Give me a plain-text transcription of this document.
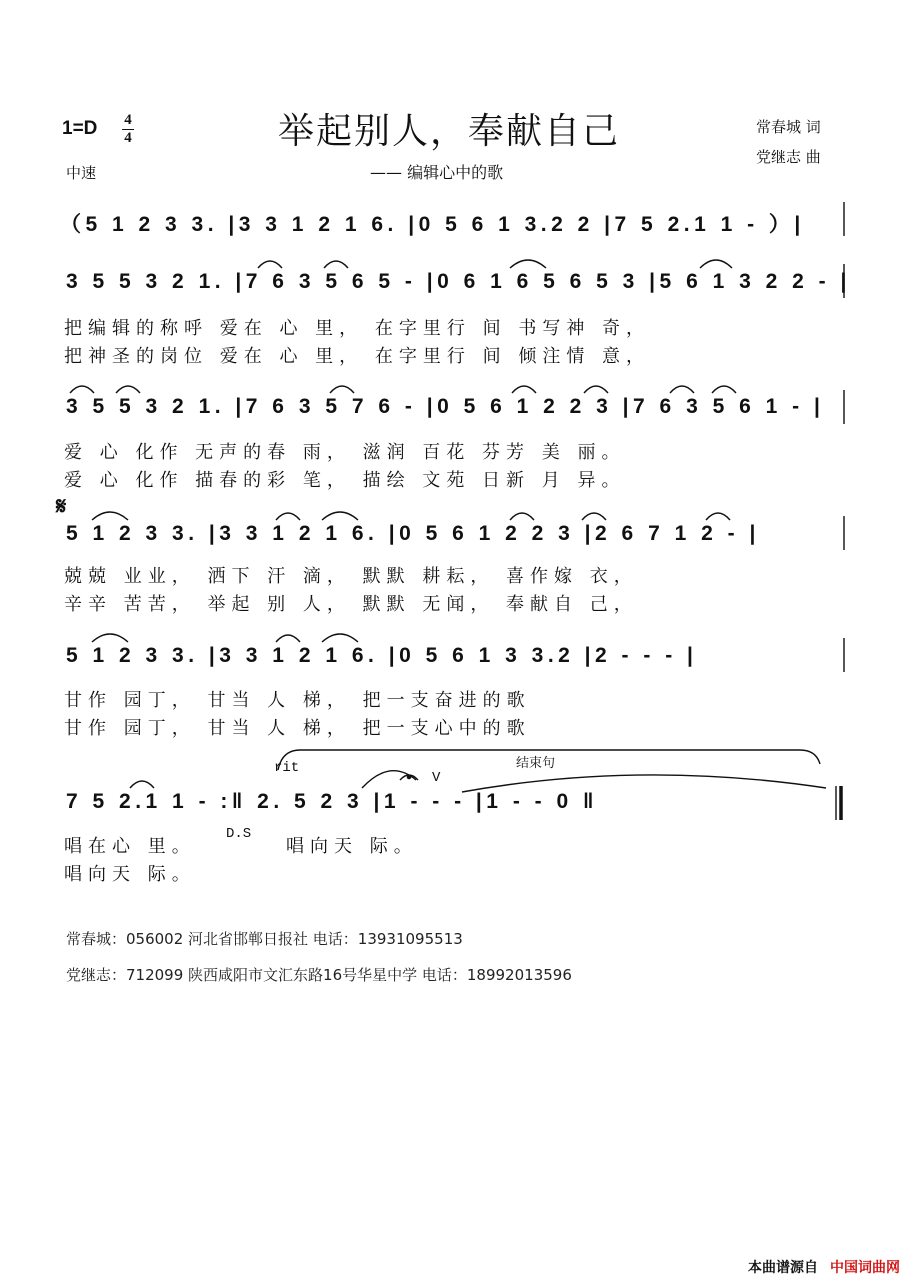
1=D 4
4
中速
举起别人，奉献自己
—— 编辑心中的歌
常春城 词
党继志 曲
（5 1 2 3 3. |3 3 1 2 1 6. |0 5 6 1 3.2 2 |7 5 2.1 1 - ）|
3 5 5 3 2 1. |7 6 3 5 6 5 - |0 6 1 6 5 6 5 3 |5 6 1 3 2 2 - |
把编辑的称呼 爱在 心 里， 在字里行 间 书写神 奇，
把神圣的岗位 爱在 心 里， 在字里行 间 倾注情 意，
3 5 5 3 2 1. |7 6 3 5 7 6 - |0 5 6 1 2 2 3 |7 6 3 5 6 1 - |
爱 心 化作 无声的春 雨， 滋润 百花 芬芳 美 丽。
爱 心 化作 描春的彩 笔， 描绘 文苑 日新 月 异。
𝄋
5 1 2 3 3. |3 3 1 2 1 6. |0 5 6 1 2 2 3 |2 6 7 1 2 - |
兢兢 业业， 洒下 汗 滴， 默默 耕耘， 喜作嫁 衣，
辛辛 苦苦， 举起 别 人， 默默 无闻， 奉献自 己，
5 1 2 3 3. |3 3 1 2 1 6. |0 5 6 1 3 3.2 |2 - - - |
甘作 园丁， 甘当 人 梯， 把一支奋进的歌
甘作 园丁， 甘当 人 梯， 把一支心中的歌
rit	结束句
V
7 5 2.1 1 - :‖ 2. 5 2 3 |1 - - - |1 - - 0 ‖
唱在心 里。
D.S
唱向天 际。
唱向天 际。
常春城：056002 河北省邯郸日报社 电话：13931095513
党继志：712099 陕西咸阳市文汇东路16号华星中学 电话：18992013596
本曲谱源自 中国词曲网
